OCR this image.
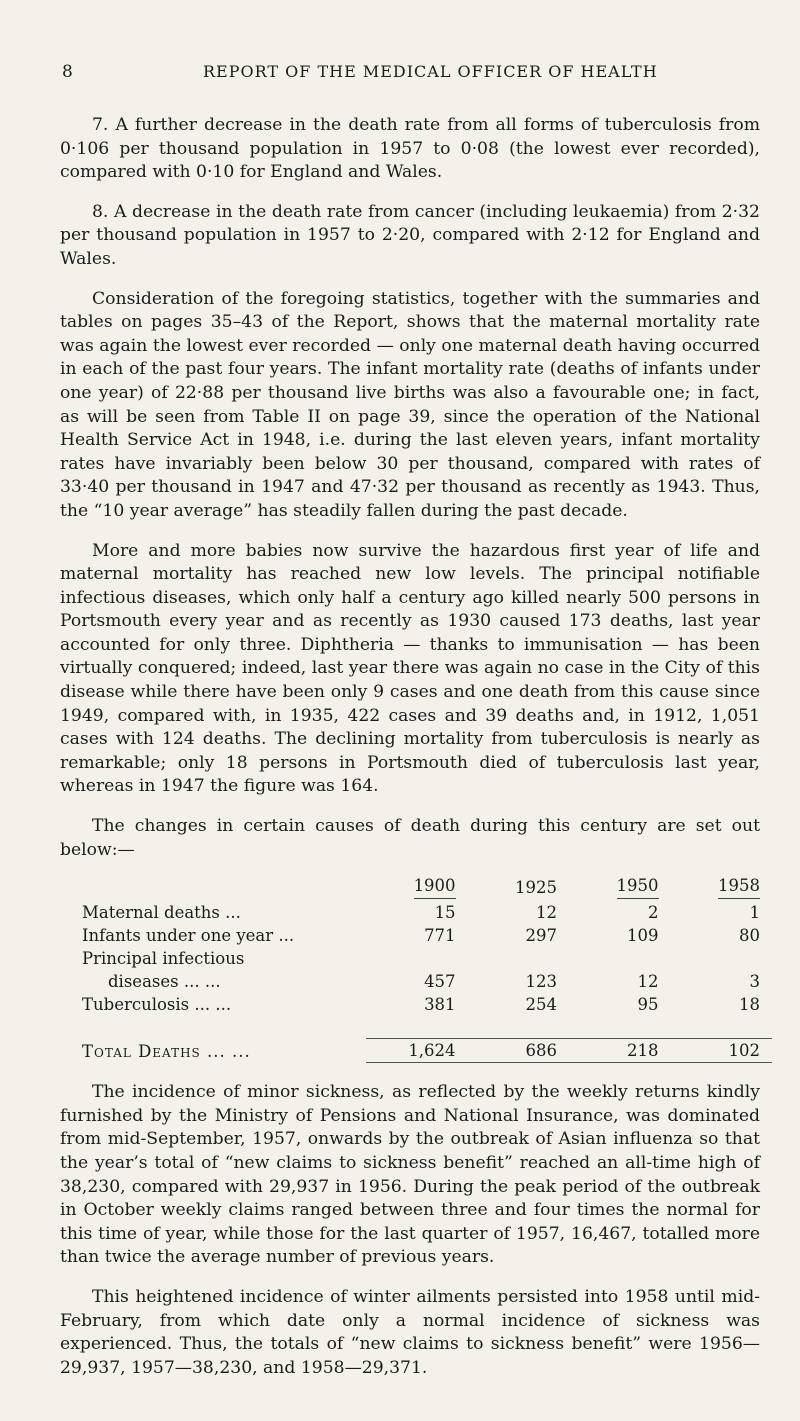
8	REPORT OF THE MEDICAL OFFICER OF HEALTH

7. A further decrease in the death rate from all forms of tuberculosis from 0·106 per thousand population in 1957 to 0·08 (the lowest ever recorded), compared with 0·10 for England and Wales.

8. A decrease in the death rate from cancer (including leukaemia) from 2·32 per thousand population in 1957 to 2·20, compared with 2·12 for England and Wales.

Consideration of the foregoing statistics, together with the summaries and tables on pages 35–43 of the Report, shows that the maternal mortality rate was again the lowest ever recorded — only one maternal death having occurred in each of the past four years. The infant mortality rate (deaths of infants under one year) of 22·88 per thousand live births was also a favourable one; in fact, as will be seen from Table II on page 39, since the operation of the National Health Service Act in 1948, i.e. during the last eleven years, infant mortality rates have invariably been below 30 per thousand, compared with rates of 33·40 per thousand in 1947 and 47·32 per thousand as recently as 1943. Thus, the “10 year average” has steadily fallen during the past decade.

More and more babies now survive the hazardous first year of life and maternal mortality has reached new low levels. The principal notifiable infectious diseases, which only half a century ago killed nearly 500 persons in Portsmouth every year and as recently as 1930 caused 173 deaths, last year accounted for only three. Diphtheria — thanks to immunisation — has been virtually conquered; indeed, last year there was again no case in the City of this disease while there have been only 9 cases and one death from this cause since 1949, compared with, in 1935, 422 cases and 39 deaths and, in 1912, 1,051 cases with 124 deaths. The declining mortality from tuberculosis is nearly as remarkable; only 18 persons in Portsmouth died of tuberculosis last year, whereas in 1947 the figure was 164.

The changes in certain causes of death during this century are set out below:—

	1900	1925	1950	1958
Maternal deaths ...	15	12	2	1
Infants under one year ...	771	297	109	80
Principal infectious				
diseases ... ...	457	123	12	3
Tuberculosis ... ...	381	254	95	18

Total Deaths ... ...	1,624	686	218	102

The incidence of minor sickness, as reflected by the weekly returns kindly furnished by the Ministry of Pensions and National Insurance, was dominated from mid-September, 1957, onwards by the outbreak of Asian influenza so that the year’s total of “new claims to sickness benefit” reached an all-time high of 38,230, compared with 29,937 in 1956. During the peak period of the outbreak in October weekly claims ranged between three and four times the normal for this time of year, while those for the last quarter of 1957, 16,467, totalled more than twice the average number of previous years.

This heightened incidence of winter ailments persisted into 1958 until mid-February, from which date only a normal incidence of sickness was experienced. Thus, the totals of “new claims to sickness benefit” were 1956—29,937, 1957—38,230, and 1958—29,371.
